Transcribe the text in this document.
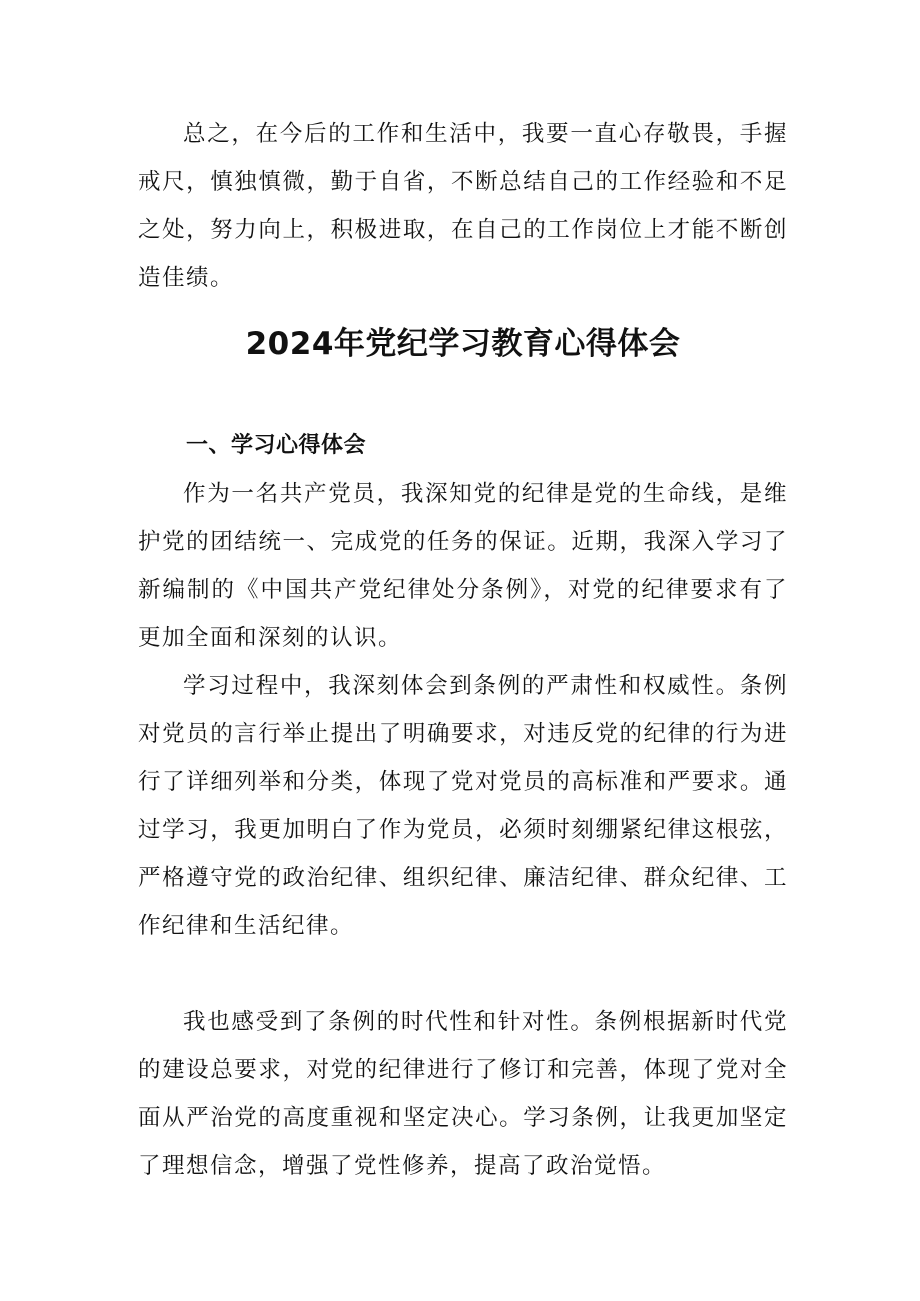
总之，在今后的工作和生活中，我要一直心存敬畏，手握戒尺，慎独慎微，勤于自省，不断总结自己的工作经验和不足之处，努力向上，积极进取，在自己的工作岗位上才能不断创造佳绩。

2024年党纪学习教育心得体会
一、学习心得体会

作为一名共产党员，我深知党的纪律是党的生命线，是维护党的团结统一、完成党的任务的保证。近期，我深入学习了新编制的《中国共产党纪律处分条例》，对党的纪律要求有了更加全面和深刻的认识。

学习过程中，我深刻体会到条例的严肃性和权威性。条例对党员的言行举止提出了明确要求，对违反党的纪律的行为进行了详细列举和分类，体现了党对党员的高标准和严要求。通过学习，我更加明白了作为党员，必须时刻绷紧纪律这根弦，严格遵守党的政治纪律、组织纪律、廉洁纪律、群众纪律、工作纪律和生活纪律。

我也感受到了条例的时代性和针对性。条例根据新时代党的建设总要求，对党的纪律进行了修订和完善，体现了党对全面从严治党的高度重视和坚定决心。学习条例，让我更加坚定了理想信念，增强了党性修养，提高了政治觉悟。
